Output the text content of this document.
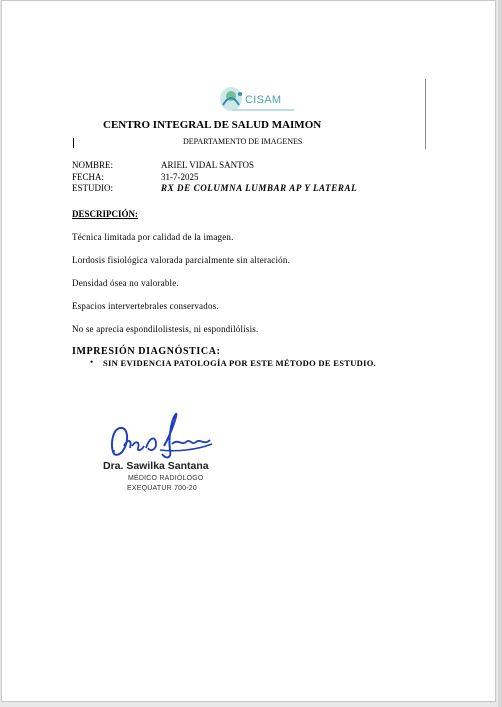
CISAM
CENTRO INTEGRAL DE SALUD MAIMON
DEPARTAMENTO DE IMAGENES
NOMBRE:	ARIEL VIDAL SANTOS
FECHA:	31-7-2025
ESTUDIO:	RX DE COLUMNA LUMBAR AP Y LATERAL
DESCRIPCIÓN:
Técnica limitada por calidad de la imagen.
Lordosis fisiológica valorada parcialmente sin alteración.
Densidad ósea no valorable.
Espacios intervertebrales conservados.
No se aprecia espondilolistesis, ni espondilólisis.
IMPRESIÓN DIAGNÓSTICA:
• SIN EVIDENCIA PATOLOGÍA POR ESTE MÉTODO DE ESTUDIO.
Dra. Sawilka Santana
MÉDICO RADIÓLOGO
EXEQUATUR 700-20
